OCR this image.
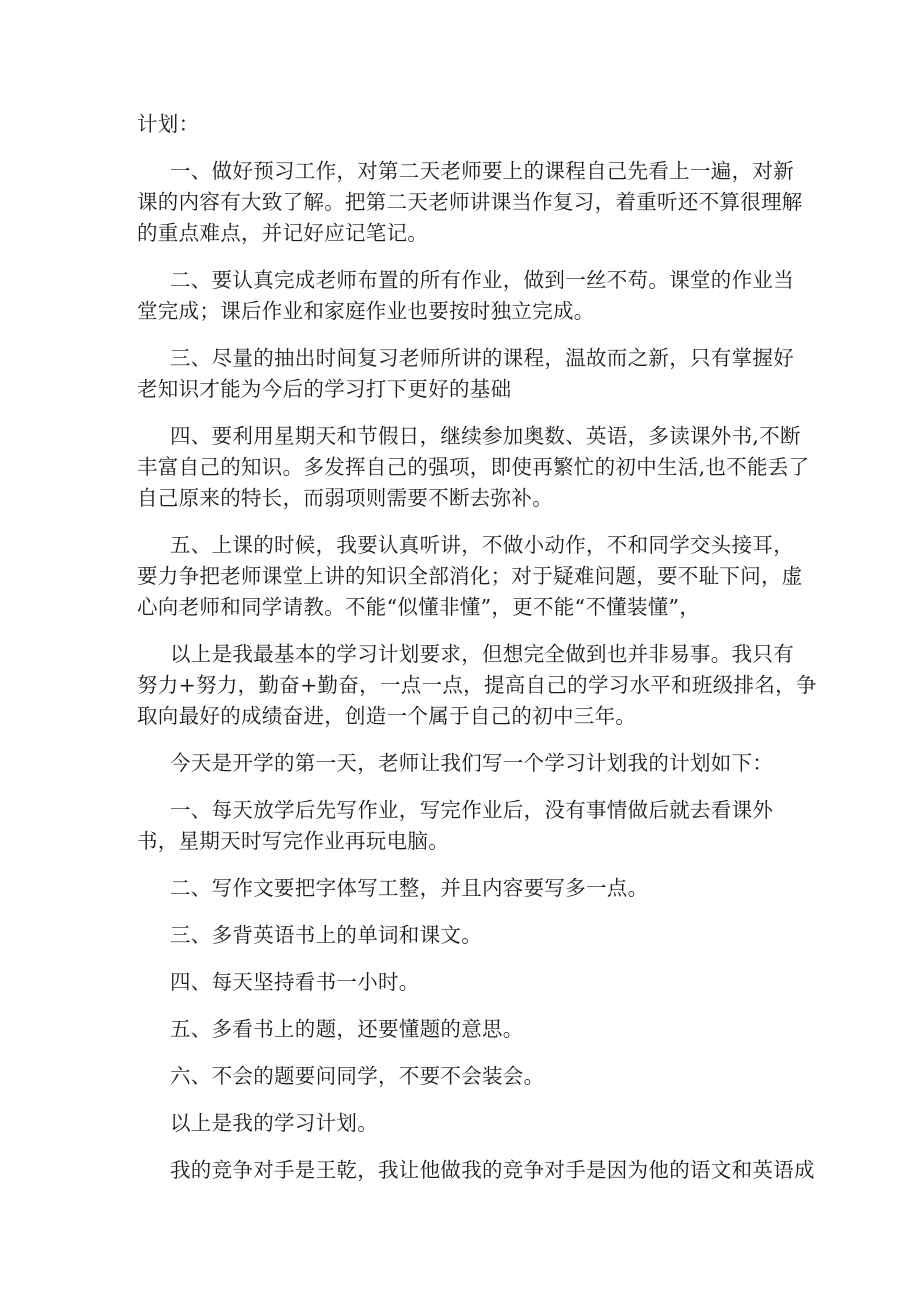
计划：
一、做好预习工作，对第二天老师要上的课程自己先看上一遍，对新
课的内容有大致了解。把第二天老师讲课当作复习，着重听还不算很理解
的重点难点，并记好应记笔记。
二、要认真完成老师布置的所有作业，做到一丝不苟。课堂的作业当
堂完成；课后作业和家庭作业也要按时独立完成。
三、尽量的抽出时间复习老师所讲的课程，温故而之新，只有掌握好
老知识才能为今后的学习打下更好的基础
四、要利用星期天和节假日，继续参加奥数、英语，多读课外书,不断
丰富自己的知识。多发挥自己的强项，即使再繁忙的初中生活,也不能丢了
自己原来的特长，而弱项则需要不断去弥补。
五、上课的时候，我要认真听讲，不做小动作，不和同学交头接耳，
要力争把老师课堂上讲的知识全部消化；对于疑难问题，要不耻下问，虚
心向老师和同学请教。不能“似懂非懂”，更不能“不懂装懂”，
以上是我最基本的学习计划要求，但想完全做到也并非易事。我只有
努力+努力，勤奋+勤奋，一点一点，提高自己的学习水平和班级排名，争
取向最好的成绩奋进，创造一个属于自己的初中三年。
今天是开学的第一天，老师让我们写一个学习计划我的计划如下：
一、每天放学后先写作业，写完作业后，没有事情做后就去看课外
书，星期天时写完作业再玩电脑。
二、写作文要把字体写工整，并且内容要写多一点。
三、多背英语书上的单词和课文。
四、每天坚持看书一小时。
五、多看书上的题，还要懂题的意思。
六、不会的题要问同学，不要不会装会。
以上是我的学习计划。
我的竞争对手是王乾，我让他做我的竞争对手是因为他的语文和英语成
